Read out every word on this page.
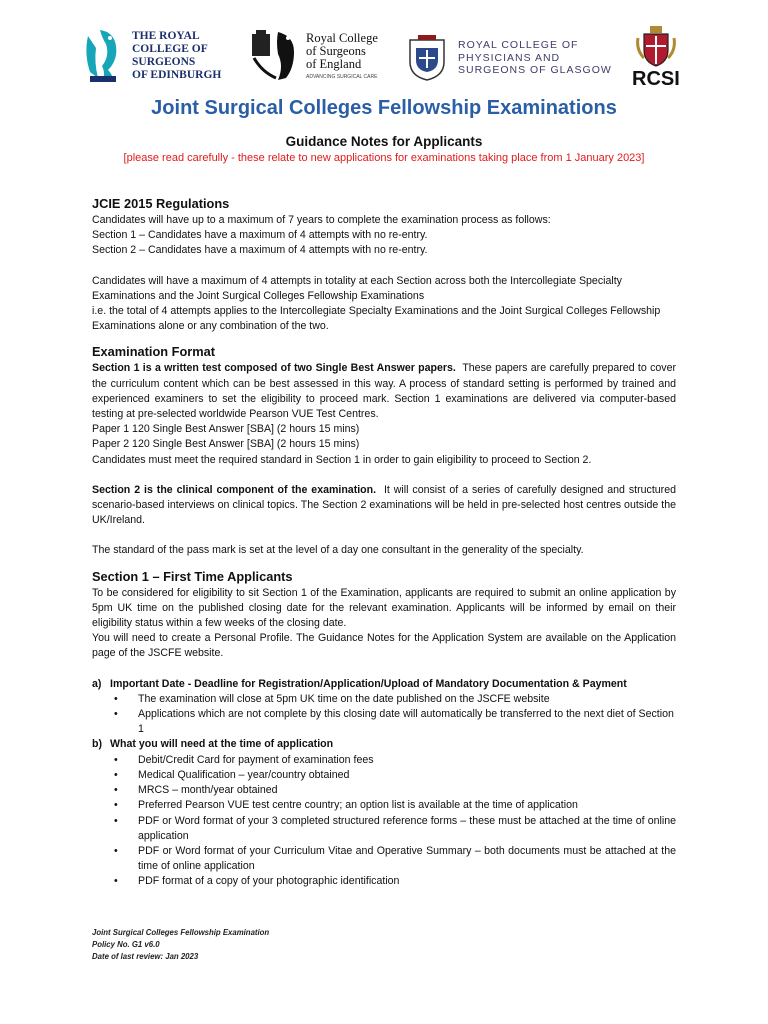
THE ROYAL
COLLEGE OF
SURGEONS
OF EDINBURGH
Royal College
of Surgeons
of England
ADVANCING SURGICAL CARE
ROYAL COLLEGE OF
PHYSICIANS AND
SURGEONS OF GLASGOW RCSI
Joint Surgical Colleges Fellowship Examinations
Guidance Notes for Applicants
[please read carefully - these relate to new applications for examinations taking place from 1 January 2023]
JCIE 2015 Regulations

Candidates will have up to a maximum of 7 years to complete the examination process as follows:

Section 1 – Candidates have a maximum of 4 attempts with no re-entry.

Section 2 – Candidates have a maximum of 4 attempts with no re-entry.

Candidates will have a maximum of 4 attempts in totality at each Section across both the Intercollegiate Specialty Examinations and the Joint Surgical Colleges Fellowship Examinations

i.e. the total of 4 attempts applies to the Intercollegiate Specialty Examinations and the Joint Surgical Colleges Fellowship Examinations alone or any combination of the two.

Examination Format

Section 1 is a written test composed of two Single Best Answer papers. These papers are carefully prepared to cover the curriculum content which can be best assessed in this way. A process of standard setting is performed by trained and experienced examiners to set the eligibility to proceed mark. Section 1 examinations are delivered via computer-based testing at pre-selected worldwide Pearson VUE Test Centres.

Paper 1 120 Single Best Answer [SBA] (2 hours 15 mins)

Paper 2 120 Single Best Answer [SBA] (2 hours 15 mins)

Candidates must meet the required standard in Section 1 in order to gain eligibility to proceed to Section 2.

Section 2 is the clinical component of the examination. It will consist of a series of carefully designed and structured scenario-based interviews on clinical topics. The Section 2 examinations will be held in pre-selected host centres outside the UK/Ireland.

The standard of the pass mark is set at the level of a day one consultant in the generality of the specialty.

Section 1 – First Time Applicants

To be considered for eligibility to sit Section 1 of the Examination, applicants are required to submit an online application by 5pm UK time on the published closing date for the relevant examination. Applicants will be informed by email on their eligibility status within a few weeks of the closing date.

You will need to create a Personal Profile. The Guidance Notes for the Application System are available on the Application page of the JSCFE website.

a) Important Date - Deadline for Registration/Application/Upload of Mandatory Documentation & Payment
• The examination will close at 5pm UK time on the date published on the JSCFE website
• Applications which are not complete by this closing date will automatically be transferred to the next diet of Section 1
b) What you will need at the time of application
• Debit/Credit Card for payment of examination fees
• Medical Qualification – year/country obtained
• MRCS – month/year obtained
• Preferred Pearson VUE test centre country; an option list is available at the time of application
• PDF or Word format of your 3 completed structured reference forms – these must be attached at the time of online application
• PDF or Word format of your Curriculum Vitae and Operative Summary – both documents must be attached at the time of online application
• PDF format of a copy of your photographic identification
Joint Surgical Colleges Fellowship Examination
Policy No. G1 v6.0
Date of last review: Jan 2023
